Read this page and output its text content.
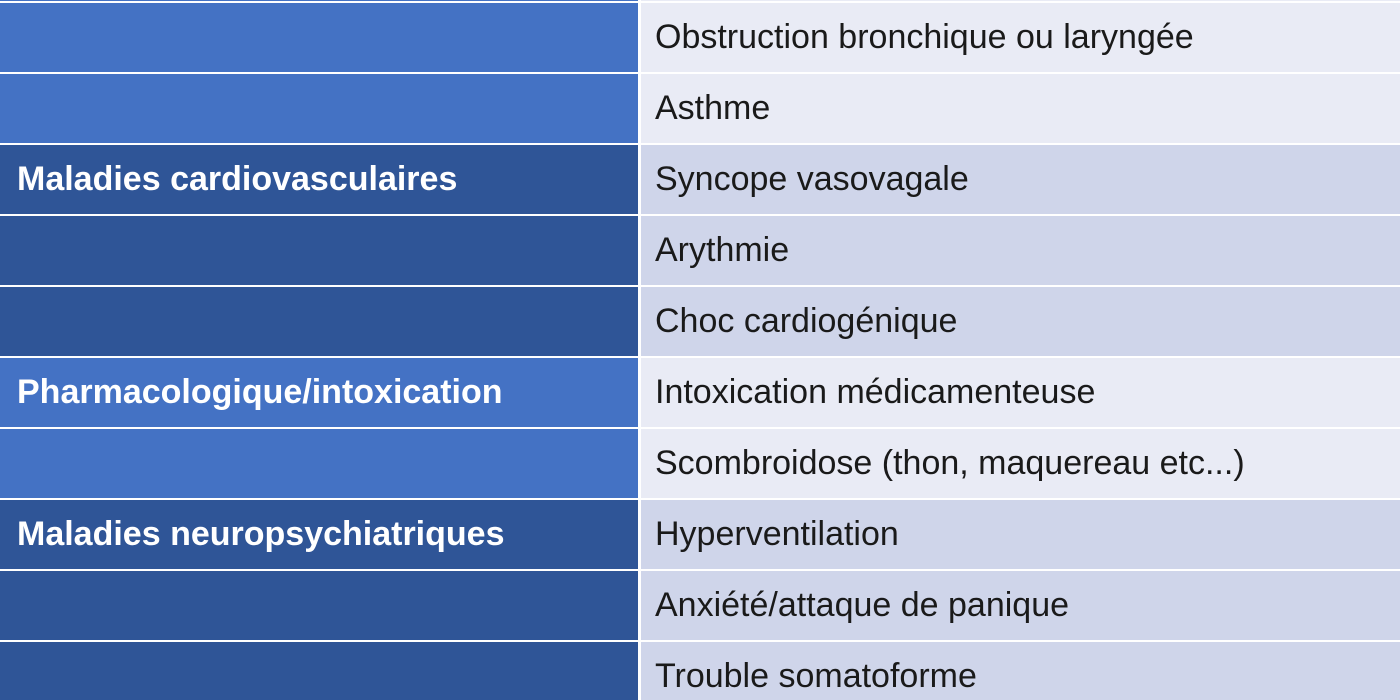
Obstruction bronchique ou laryngée
Asthme
Maladies cardiovasculaires	Syncope vasovagale
Arythmie
Choc cardiogénique
Pharmacologique/intoxication	Intoxication médicamenteuse
Scombroidose (thon, maquereau etc...)
Maladies neuropsychiatriques	Hyperventilation
Anxiété/attaque de panique
Trouble somatoforme
